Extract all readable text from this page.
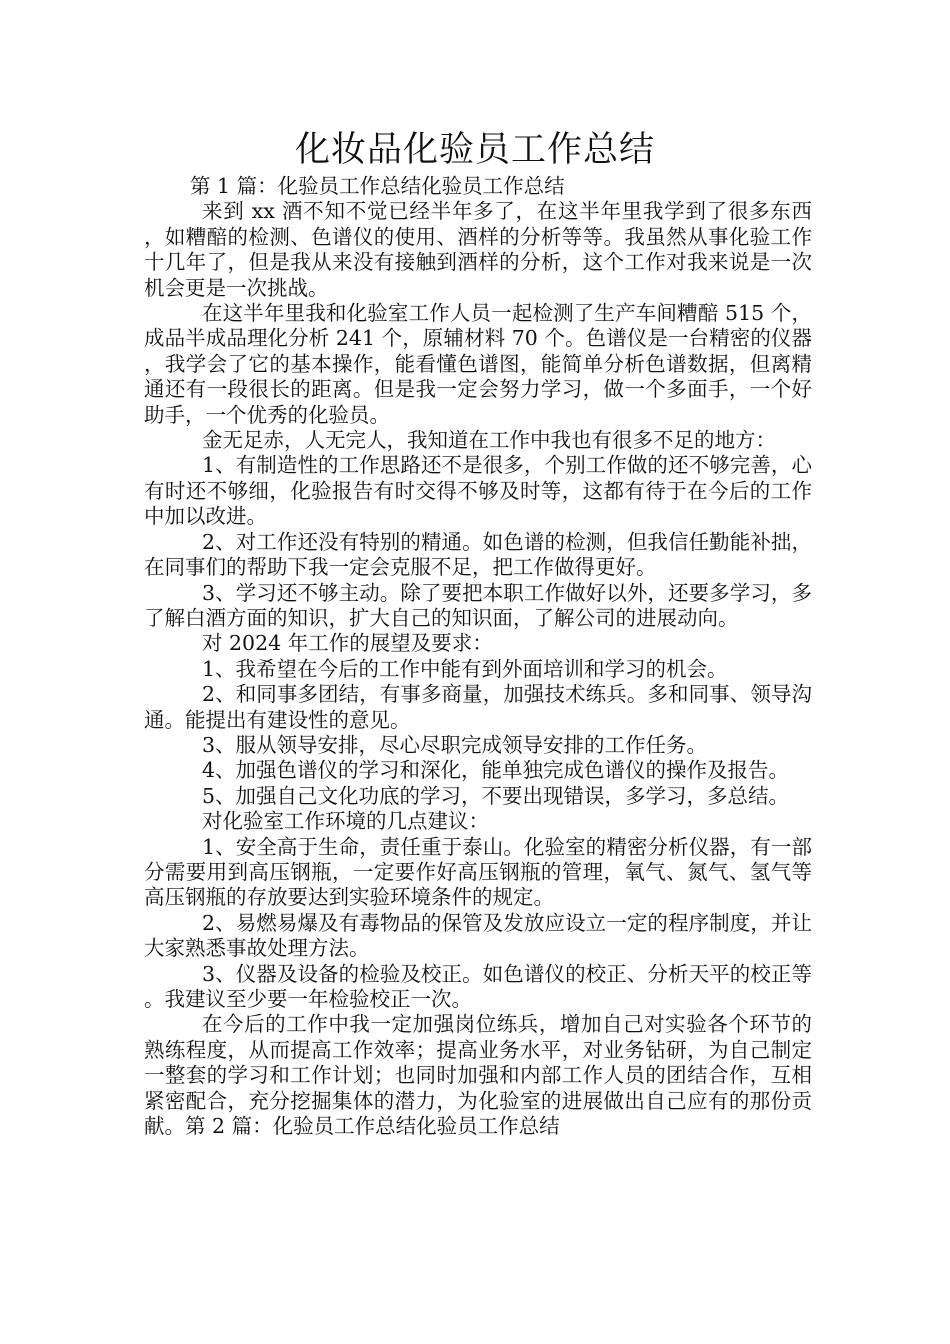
化妆品化验员工作总结

第 1 篇：化验员工作总结化验员工作总结

来到 xx 酒不知不觉已经半年多了，在这半年里我学到了很多东西，如糟醅的检测、色谱仪的使用、酒样的分析等等。我虽然从事化验工作十几年了，但是我从来没有接触到酒样的分析，这个工作对我来说是一次机会更是一次挑战。

在这半年里我和化验室工作人员一起检测了生产车间糟醅 515 个，成品半成品理化分析 241 个，原辅材料 70 个。色谱仪是一台精密的仪器，我学会了它的基本操作，能看懂色谱图，能简单分析色谱数据，但离精通还有一段很长的距离。但是我一定会努力学习，做一个多面手，一个好助手，一个优秀的化验员。

金无足赤，人无完人，我知道在工作中我也有很多不足的地方：

1、有制造性的工作思路还不是很多，个别工作做的还不够完善，心有时还不够细，化验报告有时交得不够及时等，这都有待于在今后的工作中加以改进。

2、对工作还没有特别的精通。如色谱的检测，但我信任勤能补拙，在同事们的帮助下我一定会克服不足，把工作做得更好。

3、学习还不够主动。除了要把本职工作做好以外，还要多学习，多了解白酒方面的知识，扩大自己的知识面，了解公司的进展动向。

对 2024 年工作的展望及要求：

1、我希望在今后的工作中能有到外面培训和学习的机会。

2、和同事多团结，有事多商量，加强技术练兵。多和同事、领导沟通。能提出有建设性的意见。

3、服从领导安排，尽心尽职完成领导安排的工作任务。

4、加强色谱仪的学习和深化，能单独完成色谱仪的操作及报告。

5、加强自己文化功底的学习，不要出现错误，多学习，多总结。

对化验室工作环境的几点建议：

1、安全高于生命，责任重于泰山。化验室的精密分析仪器，有一部分需要用到高压钢瓶，一定要作好高压钢瓶的管理，氧气、氮气、氢气等高压钢瓶的存放要达到实验环境条件的规定。

2、易燃易爆及有毒物品的保管及发放应设立一定的程序制度，并让大家熟悉事故处理方法。

3、仪器及设备的检验及校正。如色谱仪的校正、分析天平的校正等。我建议至少要一年检验校正一次。

在今后的工作中我一定加强岗位练兵，增加自己对实验各个环节的熟练程度，从而提高工作效率；提高业务水平，对业务钻研，为自己制定一整套的学习和工作计划；也同时加强和内部工作人员的团结合作，互相紧密配合，充分挖掘集体的潜力，为化验室的进展做出自己应有的那份贡献。第 2 篇：化验员工作总结化验员工作总结
